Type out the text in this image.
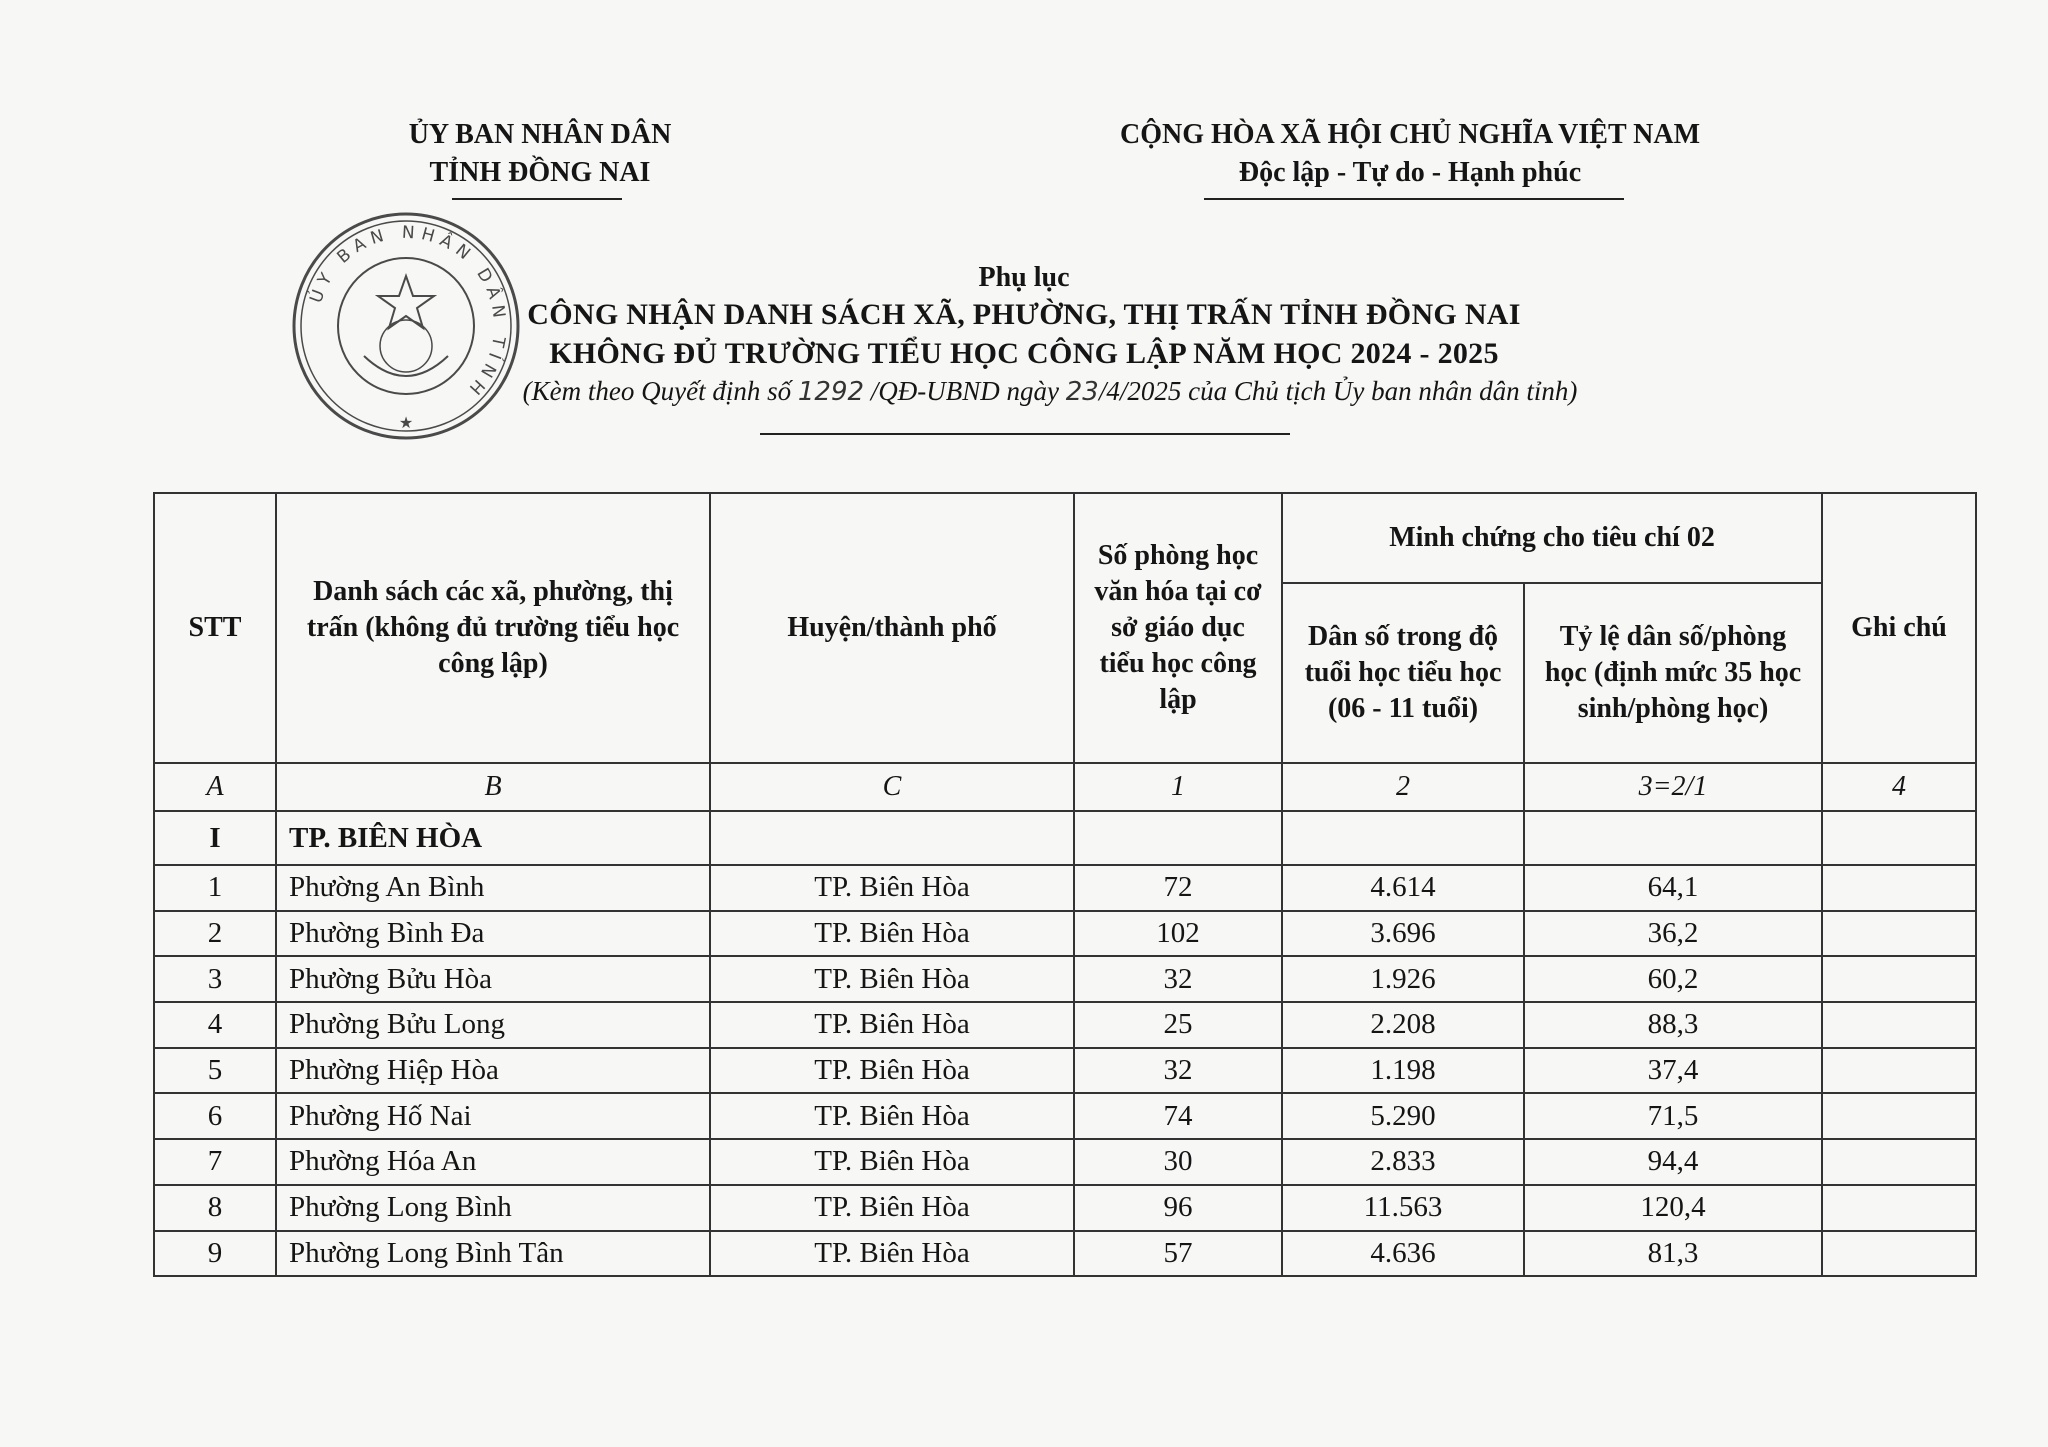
ỦY BAN NHÂN DÂN
TỈNH ĐỒNG NAI
CỘNG HÒA XÃ HỘI CHỦ NGHĨA VIỆT NAM
Độc lập - Tự do - Hạnh phúc
ỦY BAN NHÂN DÂN TỈNH
★
Phụ lục
CÔNG NHẬN DANH SÁCH XÃ, PHƯỜNG, THỊ TRẤN TỈNH ĐỒNG NAI
KHÔNG ĐỦ TRƯỜNG TIỂU HỌC CÔNG LẬP NĂM HỌC 2024 - 2025
(Kèm theo Quyết định số 1292 /QĐ-UBND ngày 23/4/2025 của Chủ tịch Ủy ban nhân dân tỉnh)
STT	Danh sách các xã, phường, thị trấn (không đủ trường tiểu học công lập)	Huyện/thành phố	Số phòng học văn hóa tại cơ sở giáo dục tiểu học công lập	Minh chứng cho tiêu chí 02		Ghi chú
				Dân số trong độ tuổi học tiểu học (06 - 11 tuổi)	Tỷ lệ dân số/phòng học (định mức 35 học sinh/phòng học)	
A	B	C	1	2	3=2/1	4
I	TP. BIÊN HÒA					
1	Phường An Bình	TP. Biên Hòa	72	4.614	64,1	
2	Phường Bình Đa	TP. Biên Hòa	102	3.696	36,2	
3	Phường Bửu Hòa	TP. Biên Hòa	32	1.926	60,2	
4	Phường Bửu Long	TP. Biên Hòa	25	2.208	88,3	
5	Phường Hiệp Hòa	TP. Biên Hòa	32	1.198	37,4	
6	Phường Hố Nai	TP. Biên Hòa	74	5.290	71,5	
7	Phường Hóa An	TP. Biên Hòa	30	2.833	94,4	
8	Phường Long Bình	TP. Biên Hòa	96	11.563	120,4	
9	Phường Long Bình Tân	TP. Biên Hòa	57	4.636	81,3	
